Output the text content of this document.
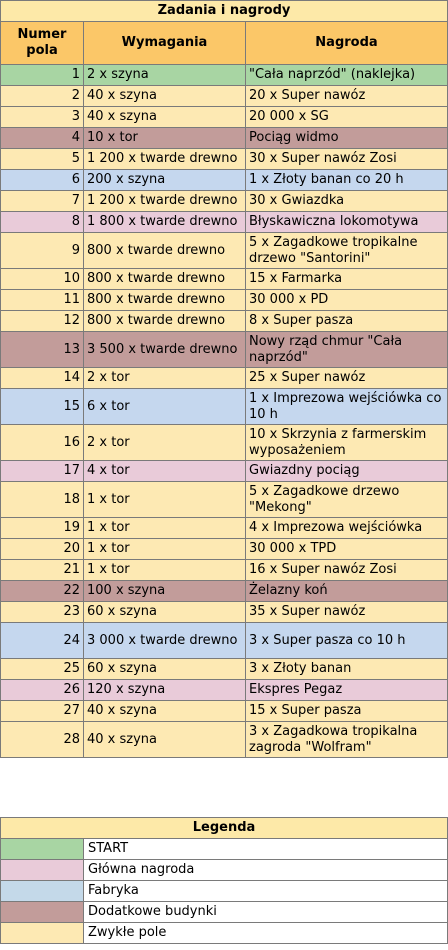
Zadania i nagrody		
Numer pola	Wymagania	Nagroda
1	2 x szyna	"Cała naprzód" (naklejka)
2	40 x szyna	20 x Super nawóz
3	40 x szyna	20 000 x SG
4	10 x tor	Pociąg widmo
5	1 200 x twarde drewno	30 x Super nawóz Zosi
6	200 x szyna	1 x Złoty banan co 20 h
7	1 200 x twarde drewno	30 x Gwiazdka
8	1 800 x twarde drewno	Błyskawiczna lokomotywa
9	800 x twarde drewno	5 x Zagadkowe tropikalne drzewo "Santorini"
10	800 x twarde drewno	15 x Farmarka
11	800 x twarde drewno	30 000 x PD
12	800 x twarde drewno	8 x Super pasza
13	3 500 x twarde drewno	Nowy rząd chmur "Cała naprzód"
14	2 x tor	25 x Super nawóz
15	6 x tor	1 x Imprezowa wejściówka co 10 h
16	2 x tor	10 x Skrzynia z farmerskim wyposażeniem
17	4 x tor	Gwiazdny pociąg
18	1 x tor	5 x Zagadkowe drzewo "Mekong"
19	1 x tor	4 x Imprezowa wejściówka
20	1 x tor	30 000 x TPD
21	1 x tor	16 x Super nawóz Zosi
22	100 x szyna	Żelazny koń
23	60 x szyna	35 x Super nawóz
24	3 000 x twarde drewno	3 x Super pasza co 10 h
25	60 x szyna	3 x Złoty banan
26	120 x szyna	Ekspres Pegaz
27	40 x szyna	15 x Super pasza
28	40 x szyna	3 x Zagadkowa tropikalna zagroda "Wolfram"
Legenda	
	START
	Główna nagroda
	Fabryka
	Dodatkowe budynki
	Zwykłe pole
